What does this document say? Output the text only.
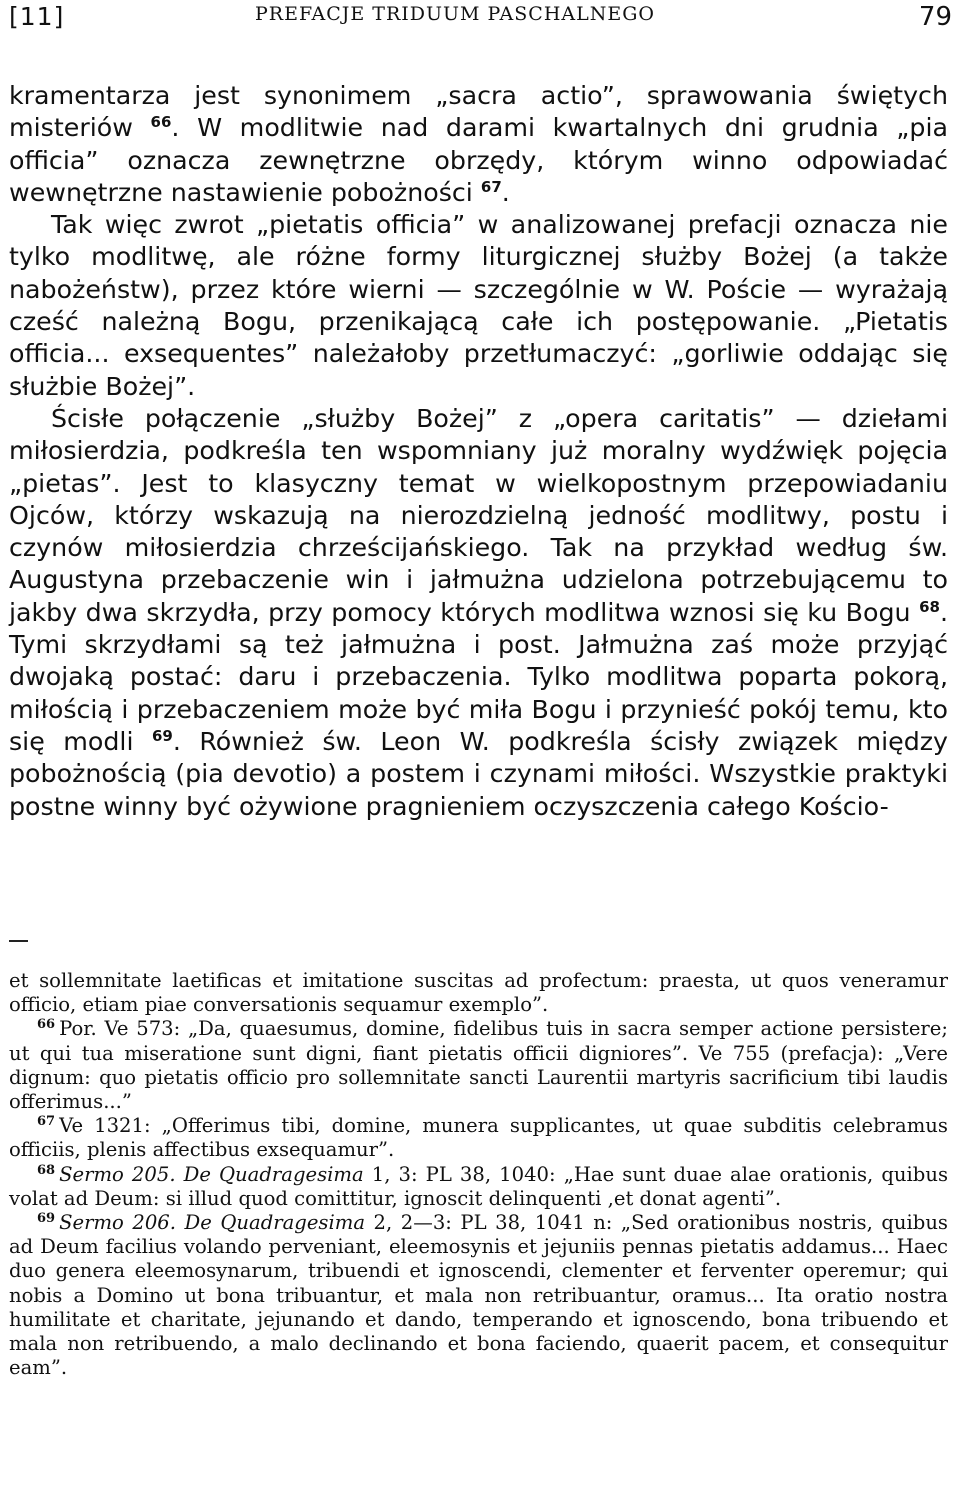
[11]	PREFACJE TRIDUUM PASCHALNEGO	79

kramentarza jest synonimem „sacra actio”, sprawowania świętych misteriów $^{66}$. W modlitwie nad darami kwartalnych dni grudnia „pia officia” oznacza zewnętrzne obrzędy, którym winno odpowiadać wewnętrzne nastawienie pobożności $^{67}$.

Tak więc zwrot „pietatis officia” w analizowanej prefacji oznacza nie tylko modlitwę, ale różne formy liturgicznej służby Bożej (a także nabożeństw), przez które wierni — szczególnie w W. Poście — wyrażają cześć należną Bogu, przenikającą całe ich postępowanie. „Pietatis officia... exsequentes” należałoby przetłumaczyć: „gorliwie oddając się służbie Bożej”.

Ścisłe połączenie „służby Bożej” z „opera caritatis” — dziełami miłosierdzia, podkreśla ten wspomniany już moralny wydźwięk pojęcia „pietas”. Jest to klasyczny temat w wielkopostnym przepowiadaniu Ojców, którzy wskazują na nierozdzielną jedność modlitwy, postu i czynów miłosierdzia chrześcijańskiego. Tak na przykład według św. Augustyna przebaczenie win i jałmużna udzielona potrzebującemu to jakby dwa skrzydła, przy pomocy których modlitwa wznosi się ku Bogu $^{68}$. Tymi skrzydłami są też jałmużna i post. Jałmużna zaś może przyjąć dwojaką postać: daru i przebaczenia. Tylko modlitwa poparta pokorą, miłością i przebaczeniem może być miła Bogu i przynieść pokój temu, kto się modli $^{69}$. Również św. Leon W. podkreśla ścisły związek między pobożnością (pia devotio) a postem i czynami miłości. Wszystkie praktyki postne winny być ożywione pragnieniem oczyszczenia całego Kościo-

et sollemnitate laetificas et imitatione suscitas ad profectum: praesta, ut quos veneramur officio, etiam piae conversationis sequamur exemplo”.

$^{66}$ Por. Ve 573: „Da, quaesumus, domine, fidelibus tuis in sacra semper actione persistere; ut qui tua miseratione sunt digni, fiant pietatis officii digniores”. Ve 755 (prefacja): „Vere dignum: quo pietatis officio pro sollemnitate sancti Laurentii martyris sacrificium tibi laudis offerimus...”

$^{67}$ Ve 1321: „Offerimus tibi, domine, munera supplicantes, ut quae subditis celebramus officiis, plenis affectibus exsequamur”.

$^{68}$ Sermo 205. De Quadragesima 1, 3: PL 38, 1040: „Hae sunt duae alae orationis, quibus volat ad Deum: si illud quod comittitur, ignoscit delinquenti ,et donat agenti”.

$^{69}$ Sermo 206. De Quadragesima 2, 2—3: PL 38, 1041 n: „Sed orationibus nostris, quibus ad Deum facilius volando perveniant, eleemosynis et jejuniis pennas pietatis addamus... Haec duo genera eleemosynarum, tribuendi et ignoscendi, clementer et ferventer operemur; qui nobis a Domino ut bona tribuantur, et mala non retribuantur, oramus... Ita oratio nostra humilitate et charitate, jejunando et dando, temperando et ignoscendo, bona tribuendo et mala non retribuendo, a malo declinando et bona faciendo, quaerit pacem, et consequitur eam”.
